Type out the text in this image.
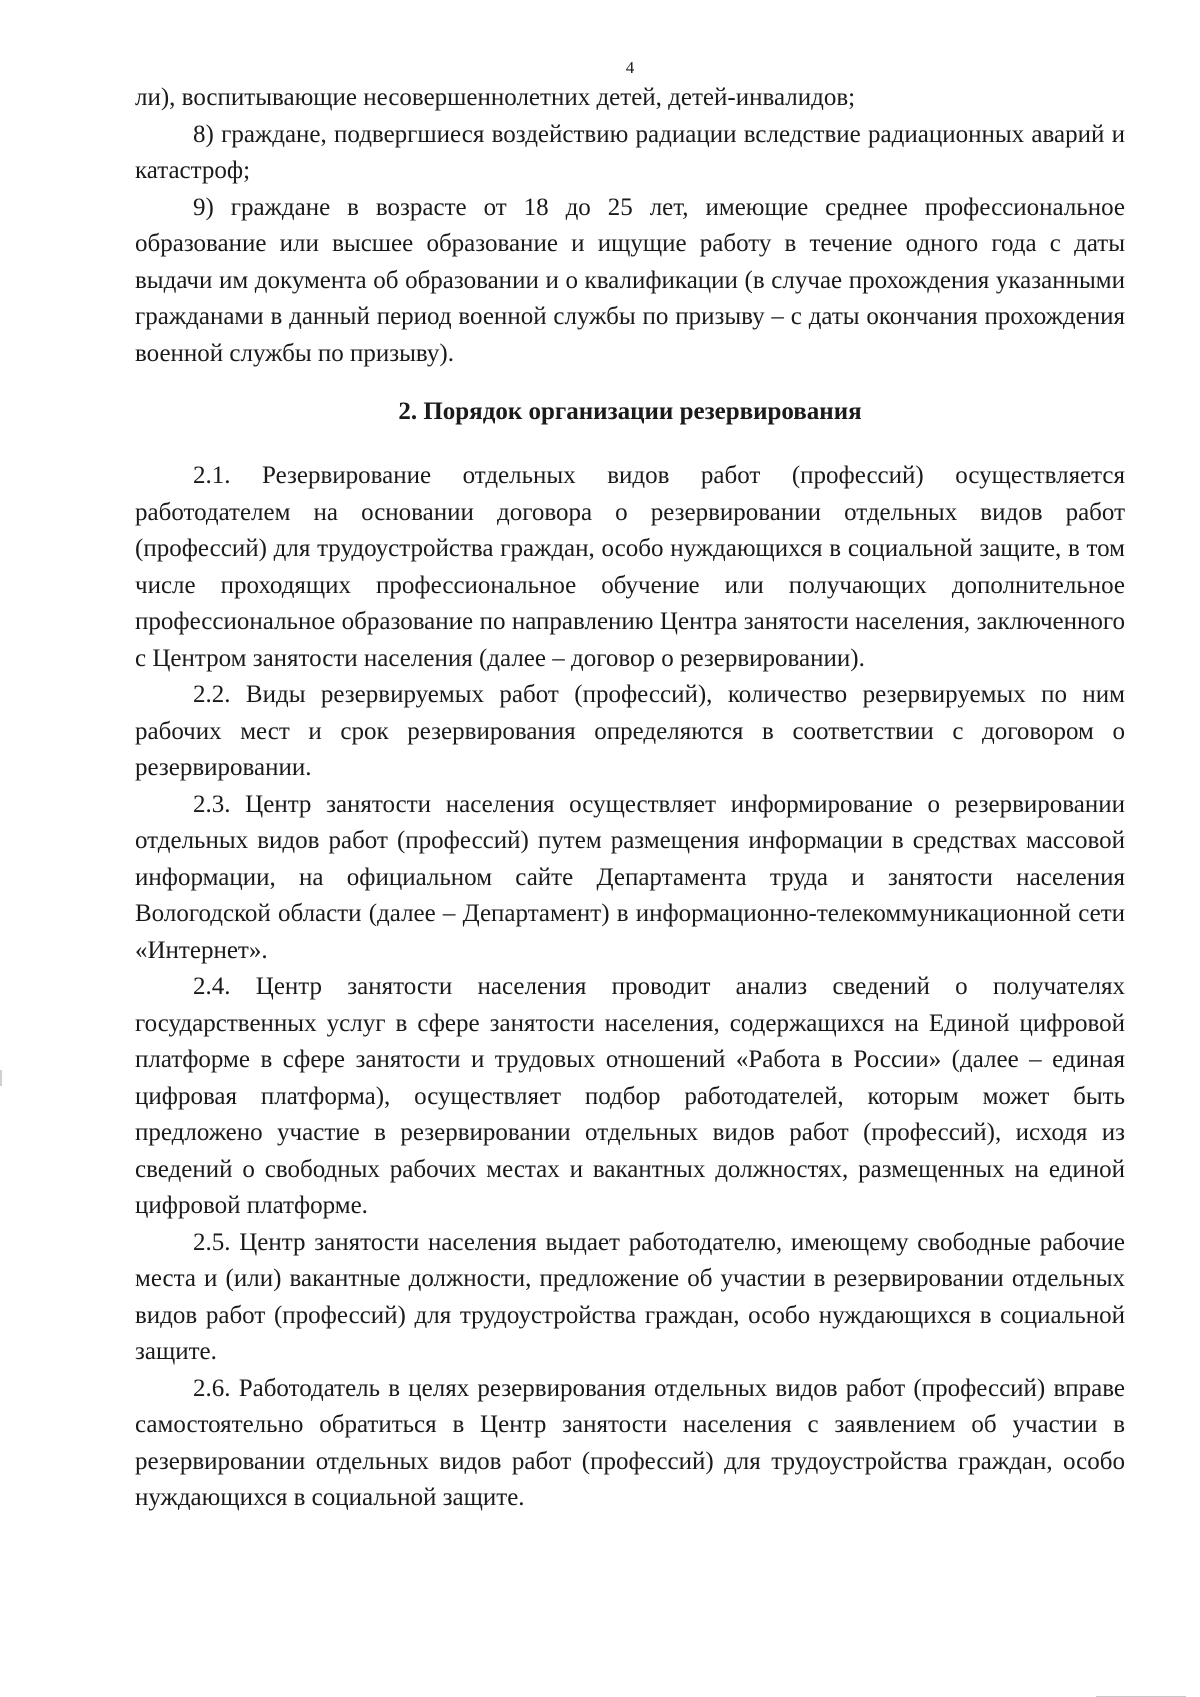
4

ли), воспитывающие несовершеннолетних детей, детей-инвалидов;

8) граждане, подвергшиеся воздействию радиации вследствие радиационных аварий и катастроф;

9) граждане в возрасте от 18 до 25 лет, имеющие среднее профессиональное образование или высшее образование и ищущие работу в течение одного года с даты выдачи им документа об образовании и о квалификации (в случае прохождения указанными гражданами в данный период военной службы по призыву – с даты окончания прохождения военной службы по призыву).

2. Порядок организации резервирования

2.1. Резервирование отдельных видов работ (профессий) осуществляется работодателем на основании договора о резервировании отдельных видов работ (профессий) для трудоустройства граждан, особо нуждающихся в социальной защите, в том числе проходящих профессиональное обучение или получающих дополнительное профессиональное образование по направлению Центра занятости населения, заключенного с Центром занятости населения (далее – договор о резервировании).

2.2. Виды резервируемых работ (профессий), количество резервируемых по ним рабочих мест и срок резервирования определяются в соответствии с договором о резервировании.

2.3. Центр занятости населения осуществляет информирование о резервировании отдельных видов работ (профессий) путем размещения информации в средствах массовой информации, на официальном сайте Департамента труда и занятости населения Вологодской области (далее – Департамент) в информационно-телекоммуникационной сети «Интернет».

2.4. Центр занятости населения проводит анализ сведений о получателях государственных услуг в сфере занятости населения, содержащихся на Единой цифровой платформе в сфере занятости и трудовых отношений «Работа в России» (далее – единая цифровая платформа), осуществляет подбор работодателей, которым может быть предложено участие в резервировании отдельных видов работ (профессий), исходя из сведений о свободных рабочих местах и вакантных должностях, размещенных на единой цифровой платформе.

2.5. Центр занятости населения выдает работодателю, имеющему свободные рабочие места и (или) вакантные должности, предложение об участии в резервировании отдельных видов работ (профессий) для трудоустройства граждан, особо нуждающихся в социальной защите.

2.6. Работодатель в целях резервирования отдельных видов работ (профессий) вправе самостоятельно обратиться в Центр занятости населения с заявлением об участии в резервировании отдельных видов работ (профессий) для трудоустройства граждан, особо нуждающихся в социальной защите.
